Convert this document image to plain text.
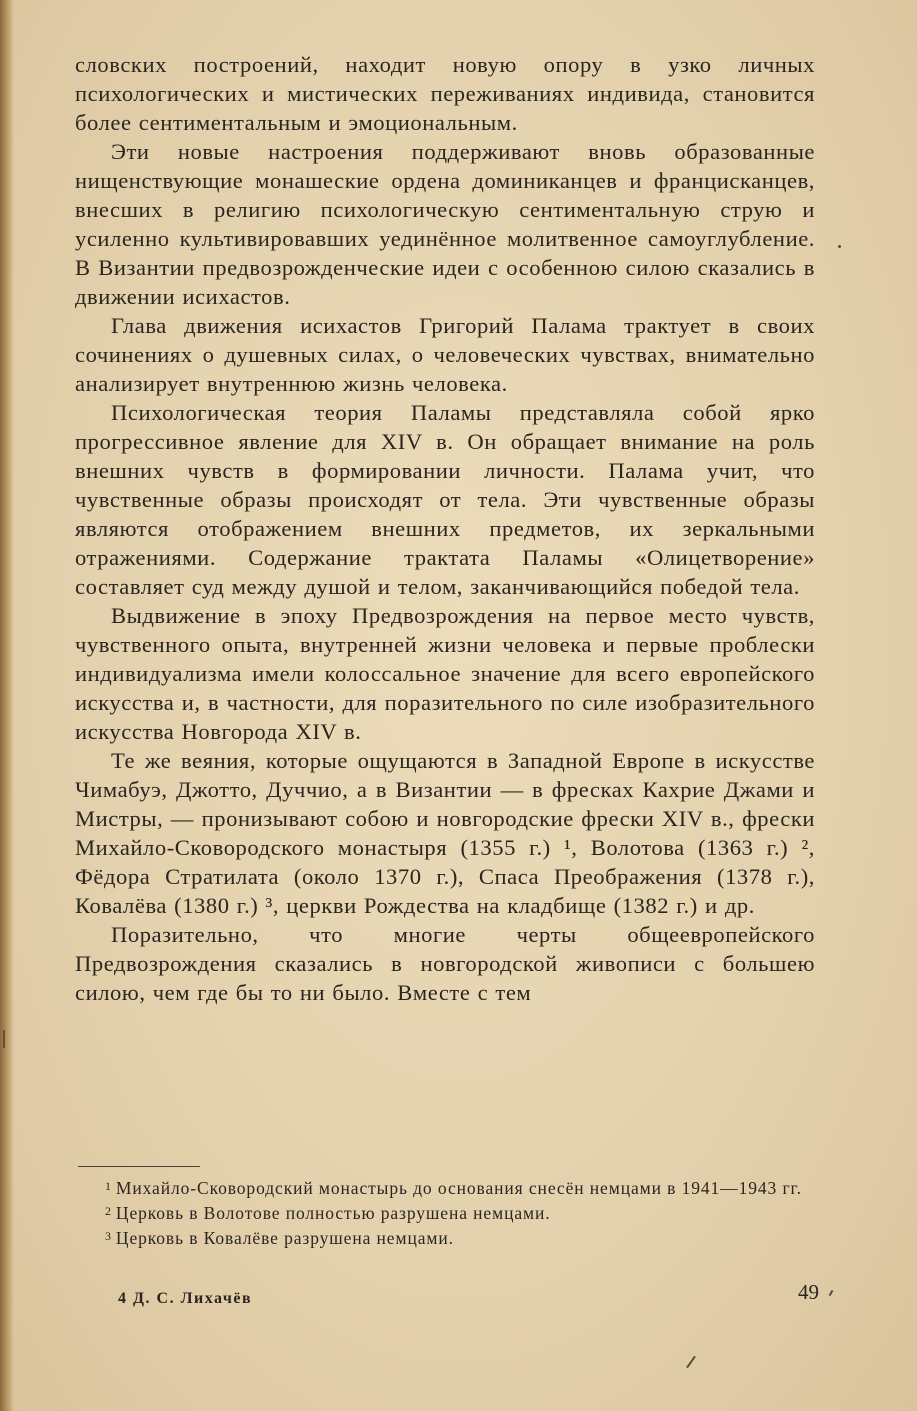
словских построений, находит новую опору в узко личных психологических и мистических переживаниях индивида, становится более сентиментальным и эмоциональным.

Эти новые настроения поддерживают вновь образованные нищенствующие монашеские ордена доминиканцев и францисканцев, внесших в религию психологическую сентиментальную струю и усиленно культивировавших уединённое молитвенное самоуглубление. В Византии предвозрожденческие идеи с особенною силою сказались в движении исихастов.

Глава движения исихастов Григорий Палама трактует в своих сочинениях о душевных силах, о человеческих чувствах, внимательно анализирует внутреннюю жизнь человека.

Психологическая теория Паламы представляла собой ярко прогрессивное явление для XIV в. Он обращает внимание на роль внешних чувств в формировании личности. Палама учит, что чувственные образы происходят от тела. Эти чувственные образы являются отображением внешних предметов, их зеркальными отражениями. Содержание трактата Паламы «Олицетворение» составляет суд между душой и телом, заканчивающийся победой тела.

Выдвижение в эпоху Предвозрождения на первое место чувств, чувственного опыта, внутренней жизни человека и первые проблески индивидуализма имели колоссальное значение для всего европейского искусства и, в частности, для поразительного по силе изобразительного искусства Новгорода XIV в.

Те же веяния, которые ощущаются в Западной Европе в искусстве Чимабуэ, Джотто, Дуччио, а в Византии — в фресках Кахрие Джами и Мистры, — пронизывают собою и новгородские фрески XIV в., фрески Михайло-Сковородского монастыря (1355 г.) ¹, Волотова (1363 г.) ², Фёдора Стратилата (около 1370 г.), Спаса Преображения (1378 г.), Ковалёва (1380 г.) ³, церкви Рождества на кладбище (1382 г.) и др.

Поразительно, что многие черты общеевропейского Предвозрождения сказались в новгородской живописи с большею силою, чем где бы то ни было. Вместе с тем

$^1$ Михайло-Сковородский монастырь до основания снесён немцами в 1941—1943 гг.

$^2$ Церковь в Волотове полностью разрушена немцами.

$^3$ Церковь в Ковалёве разрушена немцами.

4 Д. С. Лихачёв	49
